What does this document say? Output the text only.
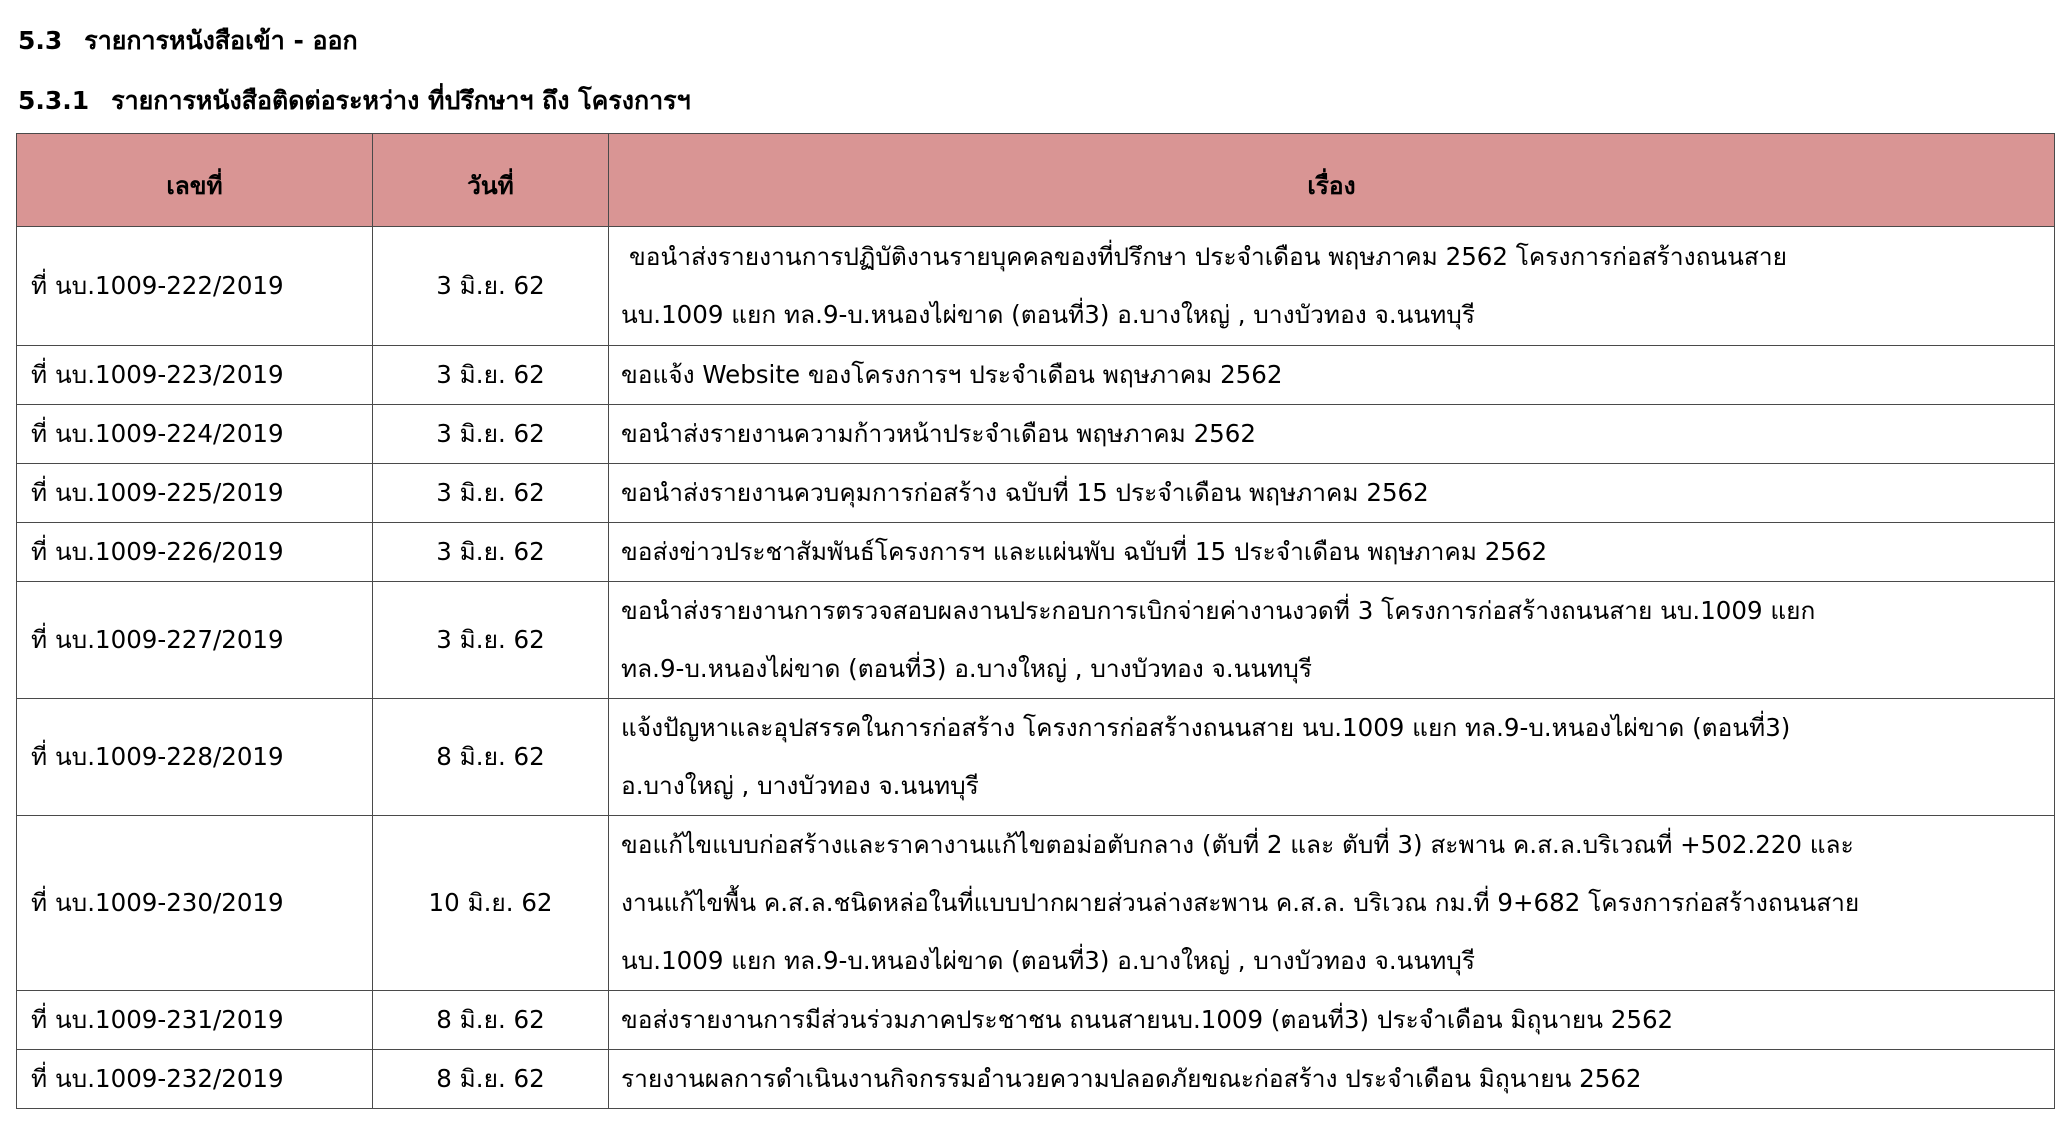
5.3 รายการหนังสือเข้า - ออก
5.3.1 รายการหนังสือติดต่อระหว่าง ที่ปรึกษาฯ ถึง โครงการฯ
เลขที่	วันที่	เรื่อง
ที่ นบ.1009-222/2019	3 มิ.ย. 62	ขอนำส่งรายงานการปฏิบัติงานรายบุคคลของที่ปรึกษา ประจำเดือน พฤษภาคม 2562 โครงการก่อสร้างถนนสาย
นบ.1009 แยก ทล.9-บ.หนองไผ่ขาด (ตอนที่3) อ.บางใหญ่ , บางบัวทอง จ.นนทบุรี

ที่ นบ.1009-223/2019	3 มิ.ย. 62	ขอแจ้ง Website ของโครงการฯ ประจำเดือน พฤษภาคม 2562

ที่ นบ.1009-224/2019	3 มิ.ย. 62	ขอนำส่งรายงานความก้าวหน้าประจำเดือน พฤษภาคม 2562

ที่ นบ.1009-225/2019	3 มิ.ย. 62	ขอนำส่งรายงานควบคุมการก่อสร้าง ฉบับที่ 15 ประจำเดือน พฤษภาคม 2562

ที่ นบ.1009-226/2019	3 มิ.ย. 62	ขอส่งข่าวประชาสัมพันธ์โครงการฯ และแผ่นพับ ฉบับที่ 15 ประจำเดือน พฤษภาคม 2562

ที่ นบ.1009-227/2019	3 มิ.ย. 62	ขอนำส่งรายงานการตรวจสอบผลงานประกอบการเบิกจ่ายค่างานงวดที่ 3 โครงการก่อสร้างถนนสาย นบ.1009 แยก
ทล.9-บ.หนองไผ่ขาด (ตอนที่3) อ.บางใหญ่ , บางบัวทอง จ.นนทบุรี

ที่ นบ.1009-228/2019	8 มิ.ย. 62	แจ้งปัญหาและอุปสรรคในการก่อสร้าง โครงการก่อสร้างถนนสาย นบ.1009 แยก ทล.9-บ.หนองไผ่ขาด (ตอนที่3)
อ.บางใหญ่ , บางบัวทอง จ.นนทบุรี

ที่ นบ.1009-230/2019	10 มิ.ย. 62	ขอแก้ไขแบบก่อสร้างและราคางานแก้ไขตอม่อตับกลาง (ตับที่ 2 และ ตับที่ 3) สะพาน ค.ส.ล.บริเวณที่ +502.220 และ
งานแก้ไขพื้น ค.ส.ล.ชนิดหล่อในที่แบบปากผายส่วนล่างสะพาน ค.ส.ล. บริเวณ กม.ที่ 9+682 โครงการก่อสร้างถนนสาย
นบ.1009 แยก ทล.9-บ.หนองไผ่ขาด (ตอนที่3) อ.บางใหญ่ , บางบัวทอง จ.นนทบุรี

ที่ นบ.1009-231/2019	8 มิ.ย. 62	ขอส่งรายงานการมีส่วนร่วมภาคประชาชน ถนนสายนบ.1009 (ตอนที่3) ประจำเดือน มิถุนายน 2562

ที่ นบ.1009-232/2019	8 มิ.ย. 62	รายงานผลการดำเนินงานกิจกรรมอำนวยความปลอดภัยขณะก่อสร้าง ประจำเดือน มิถุนายน 2562
